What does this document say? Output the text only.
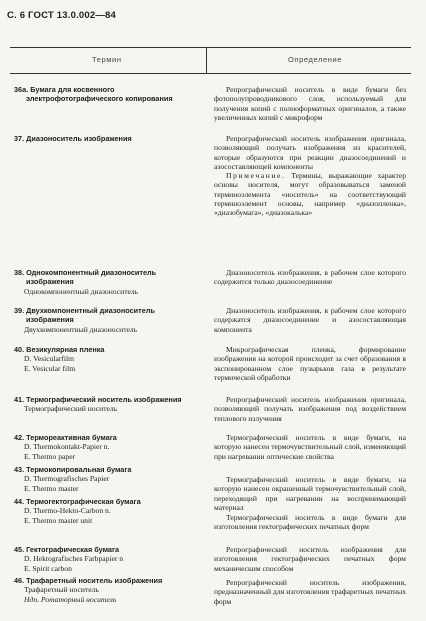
С. 6 ГОСТ 13.0.002—84
Термин	Определение
36а. Бумага для косвенного электрофотографического копирования
37. Диазоноситель изображения
38. Однокомпонентный диазоноситель изображения
Однокомпонентный диазоноситель
39. Двухкомпонентный диазоноситель изображения
Двухкомпонентный диазоноситель
40. Везикулярная пленка
D. Vesicularfilm
E. Vesicular film
41. Термографический носитель изображения
Термографический носитель
42. Термореактивная бумага
D. Thermokontakt-Papier n.
E. Thermo paper
43. Термокопировальная бумага
D. Thermografisches Papier
E. Thermo master
44. Термогектографическая бумага
D. Thermo-Hekto-Carbon n.
E. Thermo master unit
45. Гектографическая бумага
D. Hektografisches Farbpapier n
E. Spirit carbon
46. Трафаретный носитель изображения
Трафаретный носитель
Ндп. Ротаторный носитель
Репрографический носитель в виде бумаги без фотополупроводникового слоя, используемый для получения копий с полноформатных оригиналов, а также увеличенных копий с микроформ
Репрографический носитель изображения оригинала, позволяющий получать изображения из красителей, которые образуются при реакции диазосоединений и азосоставляющей компоненты
Примечание. Термины, выражающие характер основы носителя, могут образовываться заменой терминоэлемента «носитель» на соответствующий терминоэлемент основы, например «диазопленка», «диазобумага», «диазокалька»
Диазоноситель изображения, в рабочем слое которого содержится только диазосоединение
Диазоноситель изображения, в рабочем слое которого содержатся диазосоединение и азосоставляющая компонента
Микрографическая пленка, формирование изображения на которой происходит за счет образования в экспонированном слое пузырьков газа в результате термической обработки
Репрографический носитель изображения оригинала, позволяющий получать изображения под воздействием теплового излучения
Термографический носитель в виде бумаги, на которую нанесен термочувствительный слой, изменяющий при нагревании оптические свойства
Термографический носитель в виде бумаги, на которую нанесен окрашенный термочувствительный слой, переходящий при нагревании на воспринимающий материал
Термографический носитель в виде бумаги для изготовления гектографических печатных форм
Репрографический носитель изображения для изготовления гектографических печатных форм механическим способом
Репрографический носитель изображения, предназначенный для изготовления трафаретных печатных форм
